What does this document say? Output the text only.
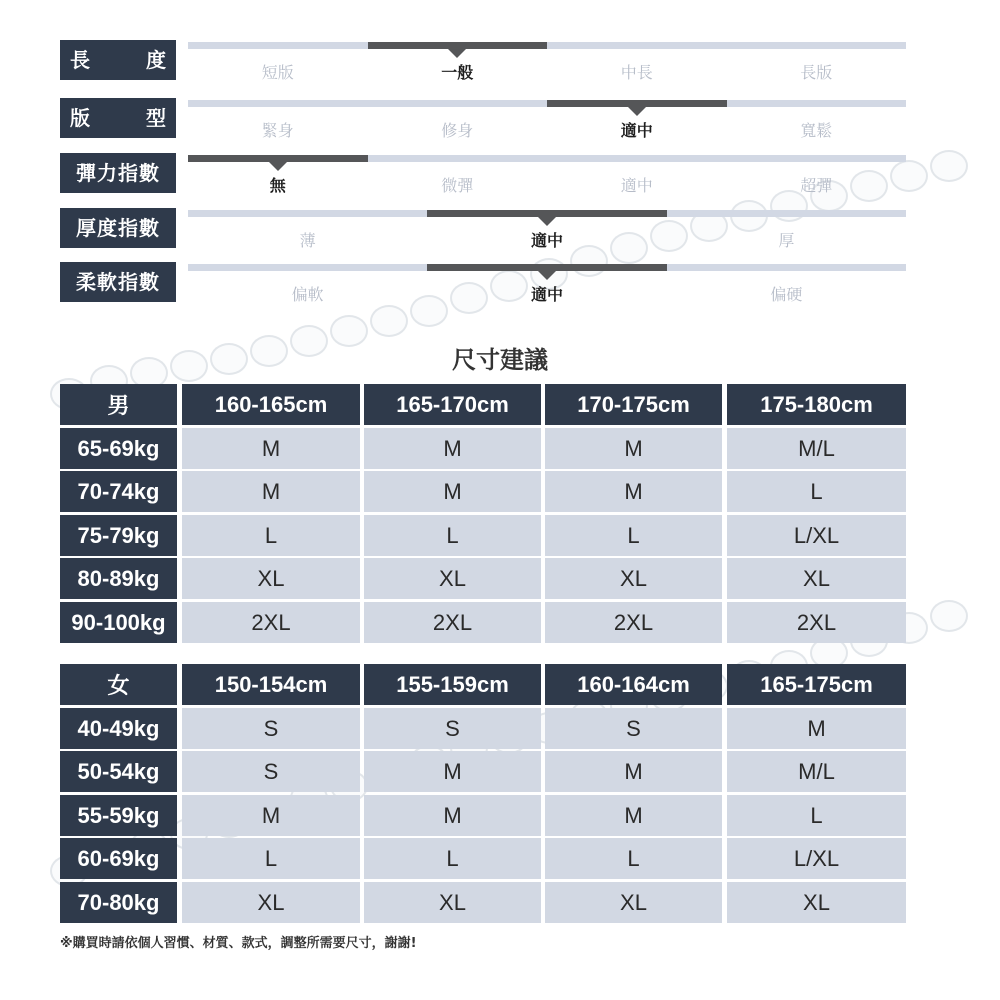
長	度
短版	一般	中長	長版
版	型
緊身	修身	適中	寬鬆
彈力指數
無	微彈	適中	超彈
厚度指數
薄	適中	厚
柔軟指數
偏軟	適中	偏硬
尺寸建議
男	160-165cm	165-170cm	170-175cm	175-180cm
65-69kg	M	M	M	M/L
70-74kg	M	M	M	L
75-79kg	L	L	L	L/XL
80-89kg	XL	XL	XL	XL
90-100kg	2XL	2XL	2XL	2XL
女	150-154cm	155-159cm	160-164cm	165-175cm
40-49kg	S	S	S	M
50-54kg	S	M	M	M/L
55-59kg	M	M	M	L
60-69kg	L	L	L	L/XL
70-80kg	XL	XL	XL	XL
※購買時請依個人習慣、材質、款式，調整所需要尺寸，謝謝!
